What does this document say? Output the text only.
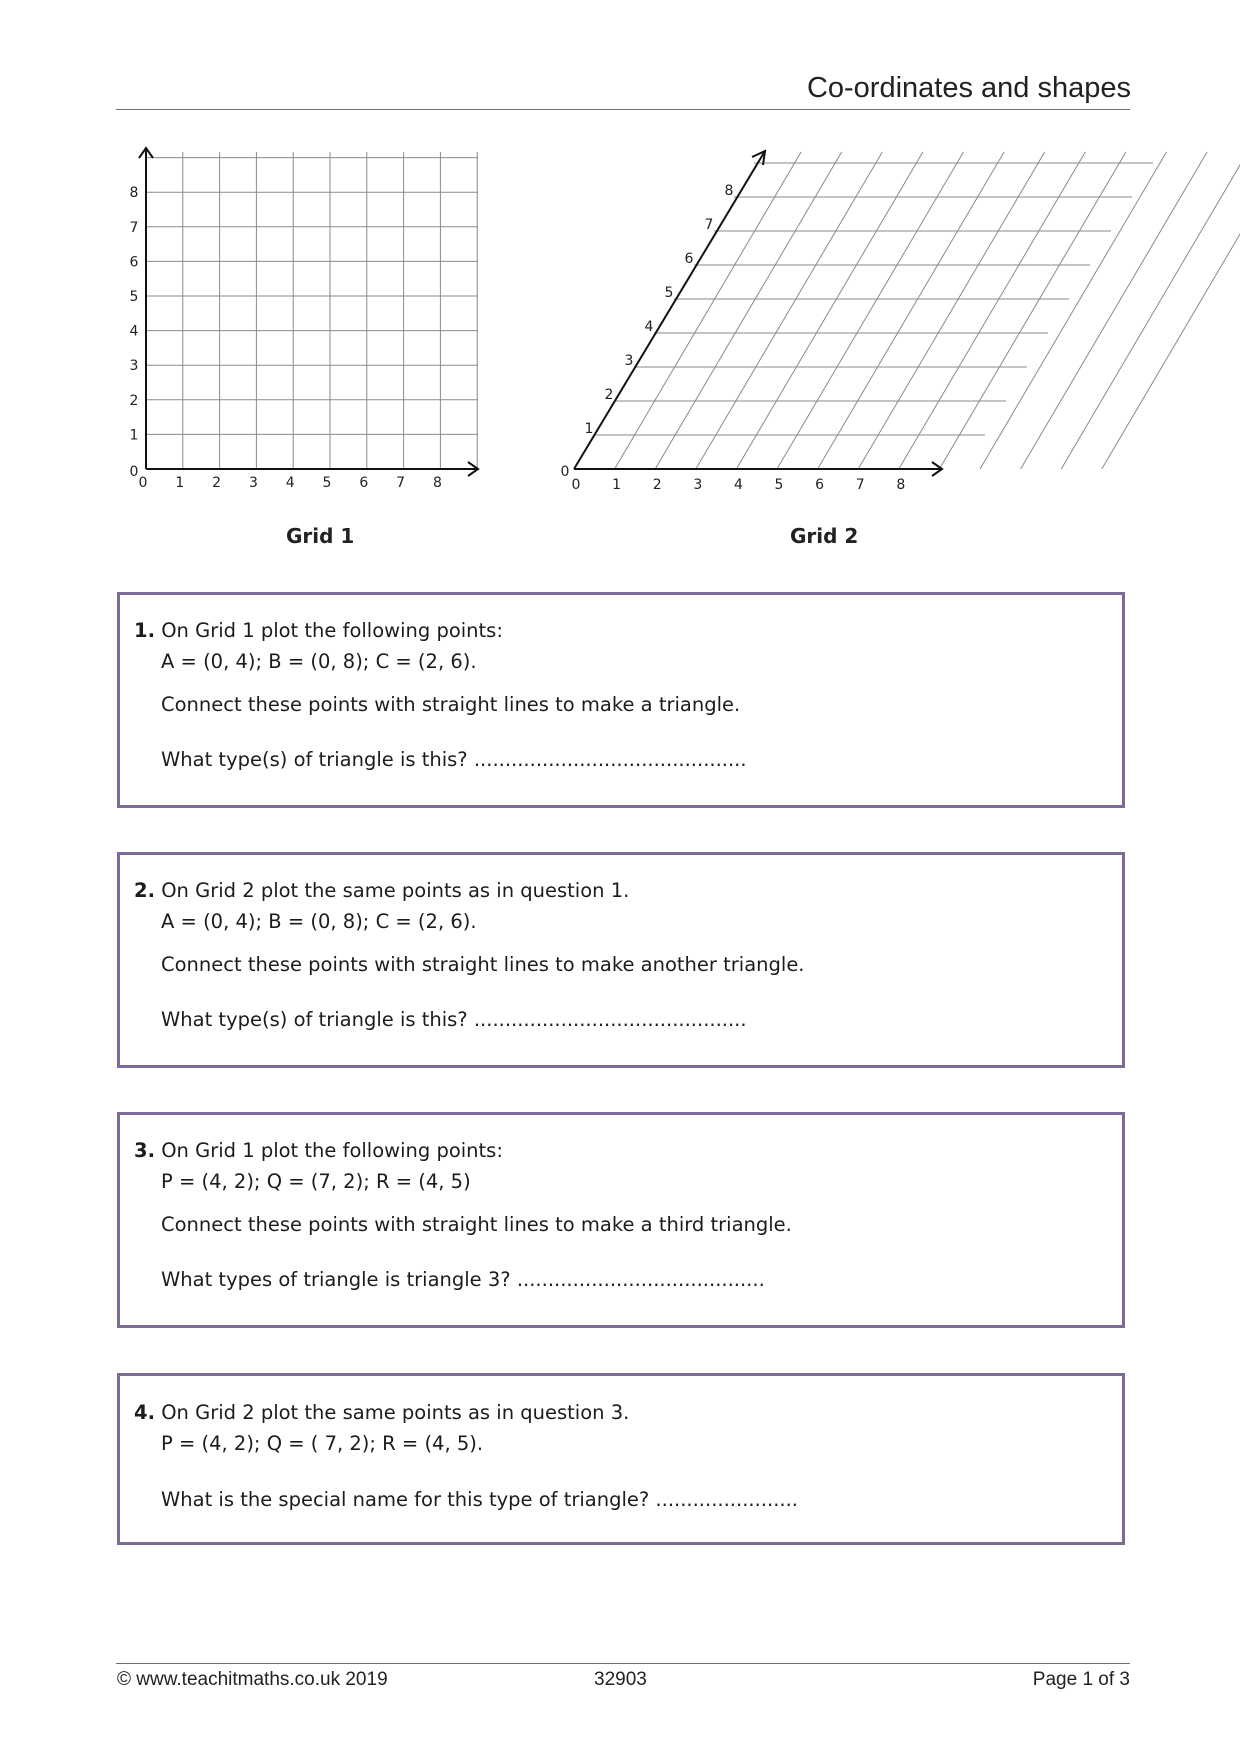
Co-ordinates and shapes
0 1 2 3 4 5 6 7 8
0
1
2
3
4
5
6
7
8
0 1 2 3 4 5 6 7 8
0
1
2
3
4
5
6
7
8
Grid 1	Grid 2
1. On Grid 1 plot the following points:
A = (0, 4); B = (0, 8); C = (2, 6).
Connect these points with straight lines to make a triangle.
What type(s) of triangle is this? ............................................
2. On Grid 2 plot the same points as in question 1.
A = (0, 4); B = (0, 8); C = (2, 6).
Connect these points with straight lines to make another triangle.
What type(s) of triangle is this? ............................................
3. On Grid 1 plot the following points:
P = (4, 2); Q = (7, 2); R = (4, 5)
Connect these points with straight lines to make a third triangle.
What types of triangle is triangle 3? ........................................
4. On Grid 2 plot the same points as in question 3.
P = (4, 2); Q = ( 7, 2); R = (4, 5).
What is the special name for this type of triangle? .......................
© www.teachitmaths.co.uk 2019	32903	Page 1 of 3
